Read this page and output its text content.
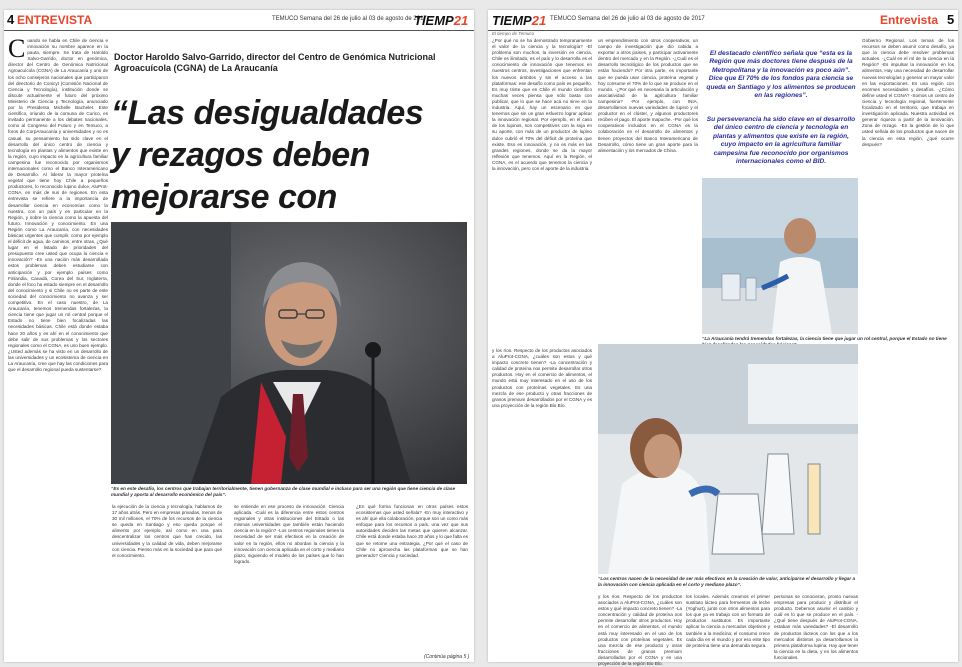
4 ENTREVISTA	TEMUCO Semana del 26 de julio al 03 de agosto de 2017
TIEMP21
Cuando se habla en Chile de ciencia e innovación su nombre aparece en la pauta, siempre. Se trata de Haroldo Salvo-Garrido, doctor en genómica, director del Centro de Genómica Nutricional Agroacuícola (CGNA) de La Araucanía y uno de los ocho consejeros nacionales que participaron del directorio de Conicyt (Comisión Nacional de Ciencia y Tecnología), institución donde se discute actualmente el futuro del próximo Ministerio de Ciencia y Tecnología, anunciado por la Presidenta Michelle Bachelet. Este científico, oriundo de la comuna de Curico, es invitado permanente a los debates nacionales, como al Congreso del Futuro y en Temuco, a foros de CorpAraucanía y universidades y no es casual, su pensamiento ha sido clave en el desarrollo del único centro de ciencia y tecnología en plantas y alimentos que existe en la región, cuyo impacto en la agricultura familiar campesina fue reconocido por organismos internacionales como el Banco Interamericano de Desarrollo. Al liderar la mayor proteína vegetal que tiene hoy Chile a pequeños productores, lo reconocido lupino dulce, AluProt-CGNA, en más de sus de regiones. En esta entrevista se refiere a la importancia de desarrollar ciencia en economías como la nuestra, con un país y en particular en la Región, y sobre la ciencia como la apuesta del futuro. Innovación y conocimiento. En una Región como La Araucanía, con necesidades básicas urgentes que cumplir, como por ejemplo el déficit de agua, de caminos, entre otras, ¿Qué lugar en el listado de prioridades del presupuesto cree usted que ocupa la ciencia e innovación? -En una nación más desarrollada estos problemas deben estudiarse con anticipación y por ejemplo países como Finlandia, Canadá, Corea del Sur, Inglaterra, donde el foco ha estado siempre en el desarrollo del conocimiento y si Chile no es parte de este sociedad del conocimiento no avanza y ser competitivo. En el caso nuestro, de La Araucanía, tenemos tremendas fortalezas, la ciencia tiene que jugar un rol central porque el Estado no tiene bien focalizadas las necesidades básicas. Chile está donde estaba hace 20 años y es ahí en el conocimiento que debe salir de sus problemas y los sectores regionales como el CGNA, es uno buen ejemplo. ¿Usted además se ha visto en un desarrollo de las universidades y un ecosistema de ciencia en La Araucanía, cree que hay las condiciones para que el desarrollo regional pueda sustentarse?
Doctor Haroldo Salvo-Garrido, director del Centro de Genómica Nutricional Agroacuícola (CGNA) de La Araucanía
“Las desigualdades
y rezagos deben
mejorarse con
“Es en este desafío, los centros que trabajan territorialmente, tienen gobernanza de clase mundial e incluso para ser una región que tiene ciencia de clase mundial y aporta al desarrollo económico del país”.
la ejecución de la ciencia y tecnología, hablamos de 17 años atrás. Pero en empresas privadas, menos de 30 mil millones, el 70% de los recursos de la ciencia se queda en Santiago y eso queda porque el alimento por ejemplo, así como en una para descentralizar los centros que han crecido, las universidades y la calidad de vida, deben mejorarse con ciencia. Pienso más en la sociedad que para qué el conocimiento.
se entiende en ese proceso de innovación. Ciencia aplicada. -Cuál es la diferencia entre estos centros regionales y otras instituciones del Estado o las mismas universidades que también están haciendo ciencia en la región? -Los centros regionales tienen la necesidad de ser más efectivos en la creación de valor en la región, ellos no abordan la ciencia y la innovación con ciencia aplicada en el corto y mediano plazo, siguiendo el modelo de los países que lo han logrado.
¿En qué forma funcionan en otros países estos ecosistemas que usted señala? -En muy interactivo y es ahí que ella colaboración, porque son un como más enfoque para los recursos a país, una vez que sus autoridades deciden las metas que quieren alcanzar. Chile está donde estaba hace 20 años y lo que falta es que se retome una estrategia. ¿Por qué el caso de Chile no aprovecha las plataformas que se han generado? Ciencia y sociedad.
(Continúa página 5 )
TIEMP21 TEMUCO Semana del 26 de julio al 03 de agosto de 2017	Entrevista 5
El tiempo de Temuco
¿Por qué no se ha demostrado tempranamente el valor de la ciencia y la tecnología? -El problema son muchos, la inversión en ciencia, Chile es ilimitado, es el país y lo desarrolla es el conocimiento de innovación que tenemos en nuestros centros, investigaciones que enfrentan los nuevos ámbitos y sin el acceso a las plataformas: ese desafío como país es pequeño. Es muy triste que en Chile el mundo científico muchas veces piensa que sólo basta con publicar, que lo que se hace acá no sirve en la industria. Aquí, hay un escenario en que tenemos que sin un gran esfuerzo lograr aplicar la innovación regional. Por ejemplo, en el caso de los lupinos, son competitivos con la soja en su aporte, con más de un productor de lupino dulce cubrió el 70% del déficit de proteína que existe. Eso es innovación, y no es más en las grandes regiones, donde se da la mayor reflexión que tenemos. Aquí en la Región, el CGNA, es el acuerdo que tenemos la ciencia y la innovación, pero con el aporte de la industria.
un emprendimiento con otros cooperativos, un campo de investigación que dio cabida a exportar a otros países, y participar activamente dentro del mercado y en la Región. -¿Cuál es el desarrollo tecnológico de los productos que se están haciendo? Por otra parte, es importante que se pueda usar ciencia, proteína vegetal y hoy consume el 70% de lo que se produce en el mundo. -¿Por qué es necesaria la articulación y asociatividad de la agricultura familiar campesina? -Por ejemplo, con INIA, desarrollamos nuevas variedades de lupino y el productor en el clúster, y algunos productores reciben el pago. El aporte mapuche. -Por qué los cooperativos incluidos en el CGNA es la colaboración en el desarrollo de alimentos y tienen proyectos del Banco Interamericano de Desarrollo, cómo tiene un gran aporte para la alimentación y los mercados de China.
El destacado científico señala que “esta es la Región que más doctores tiene después de la Metropolitana y la innovación es poco aún”. Dice que El 70% de los fondos para ciencia se queda en Santiago y los alimentos se producen en las regiones”.
Su perseverancia ha sido clave en el desarrollo del único centro de ciencia y tecnología en plantas y alimentos que existe en la región, cuyo impacto en la agricultura familiar campesina fue reconocido por organismos internacionales como el BID.
Gobierno Regional. Los temas de los recursos se deben asumir como desafío, ya que la ciencia debe resolver problemas actuales. -¿Cuál es el rol de la ciencia en la Región? -Es impulsar la innovación en los alimentos. Hay una necesidad de desarrollar nuevas tecnologías y generar un mayor valor en las exportaciones. Es una región con enormes necesidades y desafíos. -¿Cómo define usted el CGNA? -Somos un centro de ciencia y tecnología regional, fuertemente focalizado en el territorio, que trabaja en investigación aplicada. Nuestra actividad es generar riqueza a partir de la innovación. Zona de rezago. -En la gestión de lo que usted señala de los productos que nacen de la ciencia en esta región, ¿qué ocurre después?
“La Araucanía tendrá tremendas fortalezas, la ciencia tiene que jugar un rol central, porque el Estado no tiene
“Los centros nacen de la necesidad de ser más efectivos en la creación de valor, anticiparse el desarrollo y llegar a la innovación con ciencia aplicada en el corto y mediano plazo”.
y los ríos. Respecto de los productos asociados a AluProt-CGNA, ¿cuáles son estos y qué impacto concreto tienen? -La concentración y calidad de proteína nos permite desarrollar otros productos. Hoy en el comercio de alimentos, el mundo está muy interesado en el uso de los productos con proteínas vegetales. Es una mezcla de ese producto y otras fracciones de granos premium desarrollados por el CGNA y es una proyección de la región Bio Bío.
los locales. Además creamos el primer sustituto lácteo para fermentos de leche (Yoghurt), junto con otros alimentos para los que ya es trabajo con un formato de productos sustitutos. Es importante aplicar la ciencia a mercados objetivos y también a la medicina; el consumo crece cada día en el mundo y por eso este tipo de proteína tiene una demanda segura.
personas se conocieran, pronto nuevas empresas para producir y distribuir el producto. Debemos asumir el cambio y cuál es lo que se produce en el país. -¿Qué tiene después de AluProt-CGNA, estaban más variedades? -El desarrollo de productos lácteos con los que a los mercados distintos ya desarrollamos la primera plataforma lupina. Hay que tener la ciencia en la dieta, y en los alimentos funcionales.
y los ríos. Respecto de los productos asociados a AluProt-CGNA, ¿cuáles son estos y qué impacto concreto tienen? -La concentración y calidad de proteína nos permite desarrollar otros productos. Hoy en el comercio de alimentos, el mundo está muy interesado en el uso de los productos con proteínas vegetales. Es una mezcla de ese producto y otras fracciones de granos premium desarrollados por el CGNA y es una proyección de la región Bio Bío.
